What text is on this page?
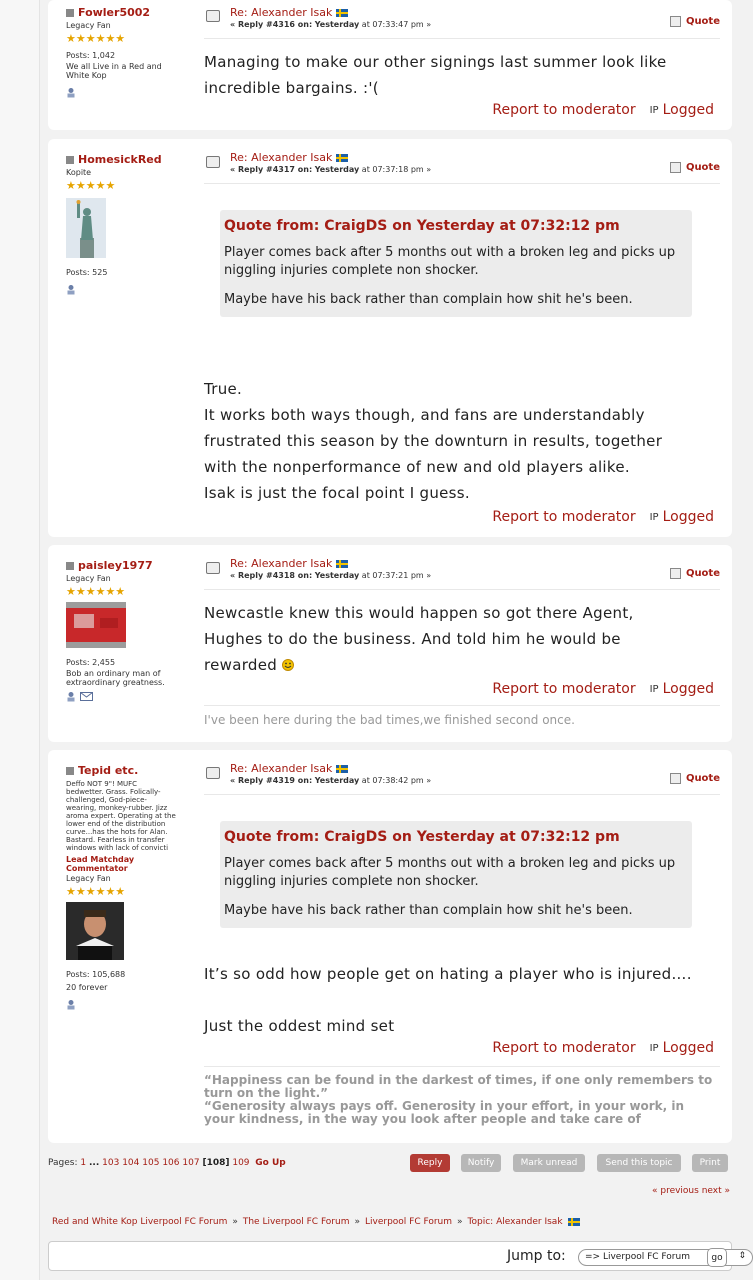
Fowler5002
Legacy Fan
★★★★★★
Posts: 1,042
We all Live in a Red and White Kop
Re: Alexander Isak
« Reply #4316 on: Yesterday at 07:33:47 pm »	Quote
Managing to make our other signings last summer look like
incredible bargains. :'(
Report to moderator IP Logged
HomesickRed
Kopite
★★★★★
Posts: 525
Re: Alexander Isak
« Reply #4317 on: Yesterday at 07:37:18 pm »	Quote
Quote from: CraigDS on Yesterday at 07:32:12 pm

Player comes back after 5 months out with a broken leg and picks up niggling injuries complete non shocker.

Maybe have his back rather than complain how shit he's been.

True.
It works both ways though, and fans are understandably
frustrated this season by the downturn in results, together
with the nonperformance of new and old players alike.
Isak is just the focal point I guess.
Report to moderator IP Logged
paisley1977
Legacy Fan
★★★★★★
Posts: 2,455
Bob an ordinary man of extraordinary greatness.
Re: Alexander Isak
« Reply #4318 on: Yesterday at 07:37:21 pm »	Quote
Newcastle knew this would happen so got there Agent,
Hughes to do the business. And told him he would be
rewarded
Report to moderator IP Logged
I've been here during the bad times,we finished second once.
Tepid etc.
Deffo NOT 9"! MUFC bedwetter. Grass. Folically-challenged, God-piece-wearing, monkey-rubber. Jizz aroma expert. Operating at the lower end of the distribution curve...has the hots for Alan. Bastard. Fearless in transfer windows with lack of convicti
Lead Matchday Commentator
Legacy Fan
★★★★★★
Posts: 105,688
20 forever
Re: Alexander Isak
« Reply #4319 on: Yesterday at 07:38:42 pm »	Quote
Quote from: CraigDS on Yesterday at 07:32:12 pm

Player comes back after 5 months out with a broken leg and picks up niggling injuries complete non shocker.

Maybe have his back rather than complain how shit he's been.

It’s so odd how people get on hating a player who is injured….
Just the oddest mind set
Report to moderator IP Logged
“Happiness can be found in the darkest of times, if one only remembers to turn on the light.”
“Generosity always pays off. Generosity in your effort, in your work, in your kindness, in the way you look after people and take care of
Pages: 1 ... 103 104 105 106 107 [108] 109 Go Up	Reply	Notify	Mark unread	Send this topic	Print
« previous next »
Red and White Kop Liverpool FC Forum » The Liverpool FC Forum » Liverpool FC Forum » Topic: Alexander Isak
Jump to:	=> Liverpool FC Forum	⇕
go
